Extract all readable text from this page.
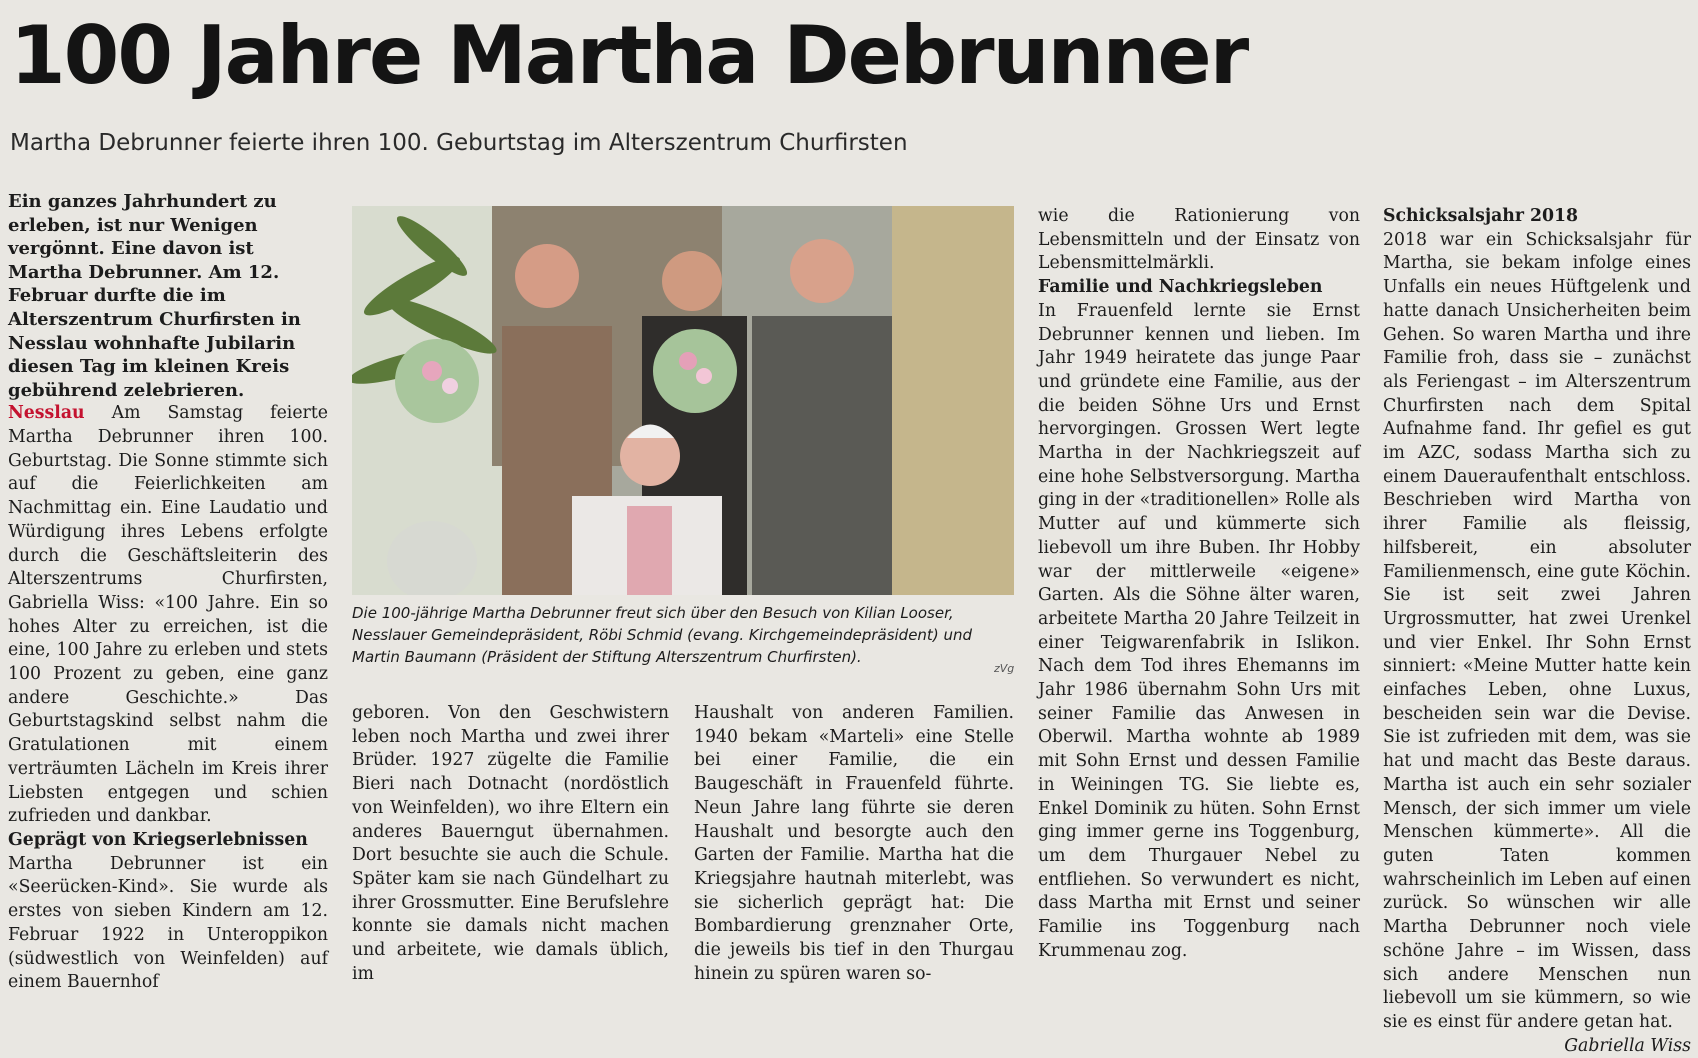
100 Jahre Martha Debrunner

Martha Debrunner feierte ihren 100. Geburtstag im Alterszentrum Churfirsten

Ein ganzes Jahrhundert zu erleben, ist nur Wenigen vergönnt. Eine davon ist Martha Debrunner. Am 12. Februar durfte die im Alterszentrum Churfirsten in Nesslau wohnhafte Jubilarin diesen Tag im kleinen Kreis gebührend zelebrieren.

Nesslau Am Samstag feierte Martha Debrunner ihren 100. Geburtstag. Die Sonne stimmte sich auf die Feierlichkeiten am Nachmittag ein. Eine Laudatio und Würdigung ihres Lebens erfolgte durch die Geschäftsleiterin des Alterszentrums Churfirsten, Gabriella Wiss: «100 Jahre. Ein so hohes Alter zu erreichen, ist die eine, 100 Jahre zu erleben und stets 100 Prozent zu geben, eine ganz andere Geschichte.» Das Geburtstagskind selbst nahm die Gratulationen mit einem verträumten Lächeln im Kreis ihrer Liebsten entgegen und schien zufrieden und dankbar.

Geprägt von Kriegserlebnissen

Martha Debrunner ist ein «Seerücken-Kind». Sie wurde als erstes von sieben Kindern am 12. Februar 1922 in Unteroppikon (südwestlich von Weinfelden) auf einem Bauernhof

Die 100-jährige Martha Debrunner freut sich über den Besuch von Kilian Looser, Nesslauer Gemeindepräsident, Röbi Schmid (evang. Kirchgemeindepräsident) und Martin Baumann (Präsident der Stiftung Alterszentrum Churfirsten).

zVg

geboren. Von den Geschwistern leben noch Martha und zwei ihrer Brüder. 1927 zügelte die Familie Bieri nach Dotnacht (nordöstlich von Weinfelden), wo ihre Eltern ein anderes Bauerngut übernahmen. Dort besuchte sie auch die Schule. Später kam sie nach Gündelhart zu ihrer Grossmutter. Eine Berufslehre konnte sie damals nicht machen und arbeitete, wie damals üblich, im

Haushalt von anderen Familien. 1940 bekam «Marteli» eine Stelle bei einer Familie, die ein Baugeschäft in Frauenfeld führte. Neun Jahre lang führte sie deren Haushalt und besorgte auch den Garten der Familie. Martha hat die Kriegsjahre hautnah miterlebt, was sie sicherlich geprägt hat: Die Bombardierung grenznaher Orte, die jeweils bis tief in den Thurgau hinein zu spüren waren so-

wie die Rationierung von Lebensmitteln und der Einsatz von Lebensmittelmärkli.

Familie und Nachkriegsleben

In Frauenfeld lernte sie Ernst Debrunner kennen und lieben. Im Jahr 1949 heiratete das junge Paar und gründete eine Familie, aus der die beiden Söhne Urs und Ernst hervorgingen. Grossen Wert legte Martha in der Nachkriegszeit auf eine hohe Selbstversorgung. Martha ging in der «traditionellen» Rolle als Mutter auf und kümmerte sich liebevoll um ihre Buben. Ihr Hobby war der mittlerweile «eigene» Garten. Als die Söhne älter waren, arbeitete Martha 20 Jahre Teilzeit in einer Teigwarenfabrik in Islikon. Nach dem Tod ihres Ehemanns im Jahr 1986 übernahm Sohn Urs mit seiner Familie das Anwesen in Oberwil. Martha wohnte ab 1989 mit Sohn Ernst und dessen Familie in Weiningen TG. Sie liebte es, Enkel Dominik zu hüten. Sohn Ernst ging immer gerne ins Toggenburg, um dem Thurgauer Nebel zu entfliehen. So verwundert es nicht, dass Martha mit Ernst und seiner Familie ins Toggenburg nach Krummenau zog.

Schicksalsjahr 2018

2018 war ein Schicksalsjahr für Martha, sie bekam infolge eines Unfalls ein neues Hüftgelenk und hatte danach Unsicherheiten beim Gehen. So waren Martha und ihre Familie froh, dass sie – zunächst als Feriengast – im Alterszentrum Churfirsten nach dem Spital Aufnahme fand. Ihr gefiel es gut im AZC, sodass Martha sich zu einem Daueraufenthalt entschloss. Beschrieben wird Martha von ihrer Familie als fleissig, hilfsbereit, ein absoluter Familienmensch, eine gute Köchin. Sie ist seit zwei Jahren Urgrossmutter, hat zwei Urenkel und vier Enkel. Ihr Sohn Ernst sinniert: «Meine Mutter hatte kein einfaches Leben, ohne Luxus, bescheiden sein war die Devise. Sie ist zufrieden mit dem, was sie hat und macht das Beste daraus. Martha ist auch ein sehr sozialer Mensch, der sich immer um viele Menschen kümmerte». All die guten Taten kommen wahrscheinlich im Leben auf einen zurück. So wünschen wir alle Martha Debrunner noch viele schöne Jahre – im Wissen, dass sich andere Menschen nun liebevoll um sie kümmern, so wie sie es einst für andere getan hat.
Gabriella Wiss
